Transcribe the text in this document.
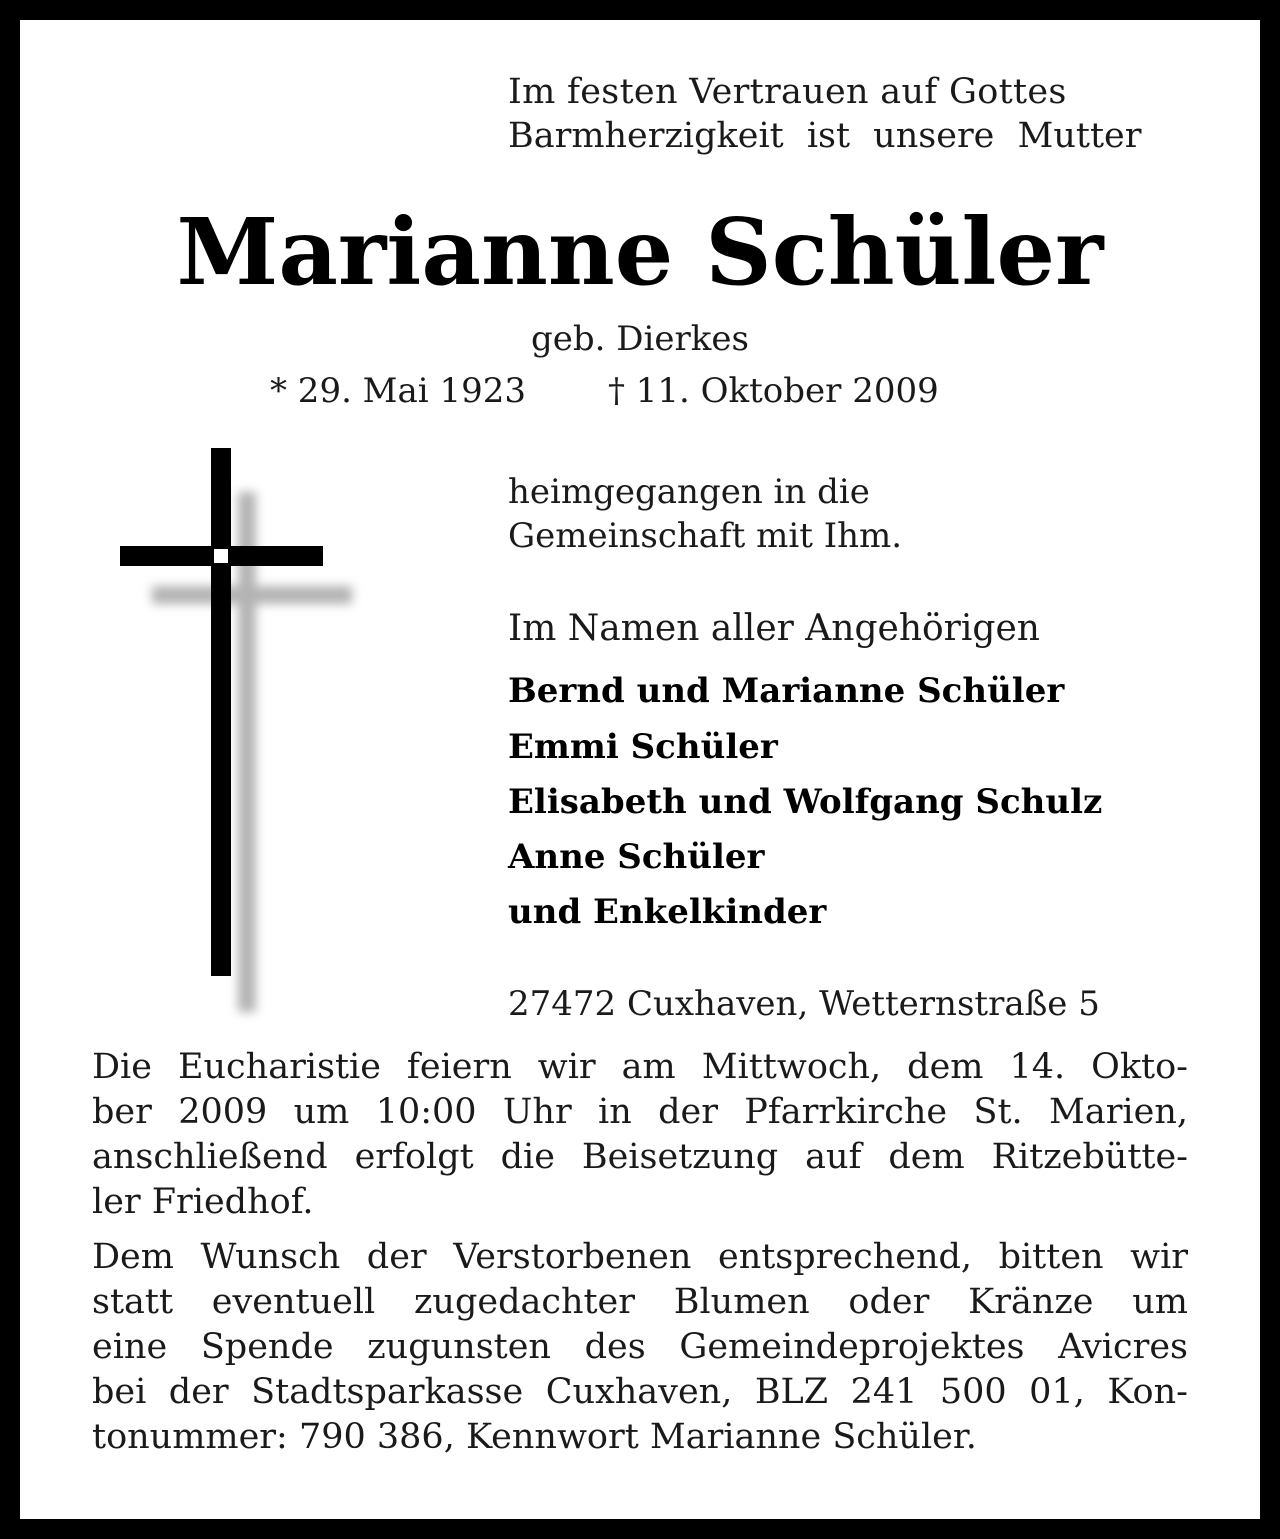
Im festen Vertrauen auf Gottes
Barmherzigkeit ist unsere Mutter

Marianne Schüler

geb. Dierkes

* 29. Mai 1923 † 11. Oktober 2009

heimgegangen in die
Gemeinschaft mit Ihm.

Im Namen aller Angehörigen

Bernd und Marianne Schüler

Emmi Schüler

Elisabeth und Wolfgang Schulz

Anne Schüler

und Enkelkinder

27472 Cuxhaven, Wetternstraße 5

Die Eucharistie feiern wir am Mittwoch, dem 14. Okto-
ber 2009 um 10:00 Uhr in der Pfarrkirche St. Marien,
anschließend erfolgt die Beisetzung auf dem Ritzebütte-
ler Friedhof.
Dem Wunsch der Verstorbenen entsprechend, bitten wir
statt eventuell zugedachter Blumen oder Kränze um
eine Spende zugunsten des Gemeindeprojektes Avicres
bei der Stadtsparkasse Cuxhaven, BLZ 241 500 01, Kon-
tonummer: 790 386, Kennwort Marianne Schüler.
